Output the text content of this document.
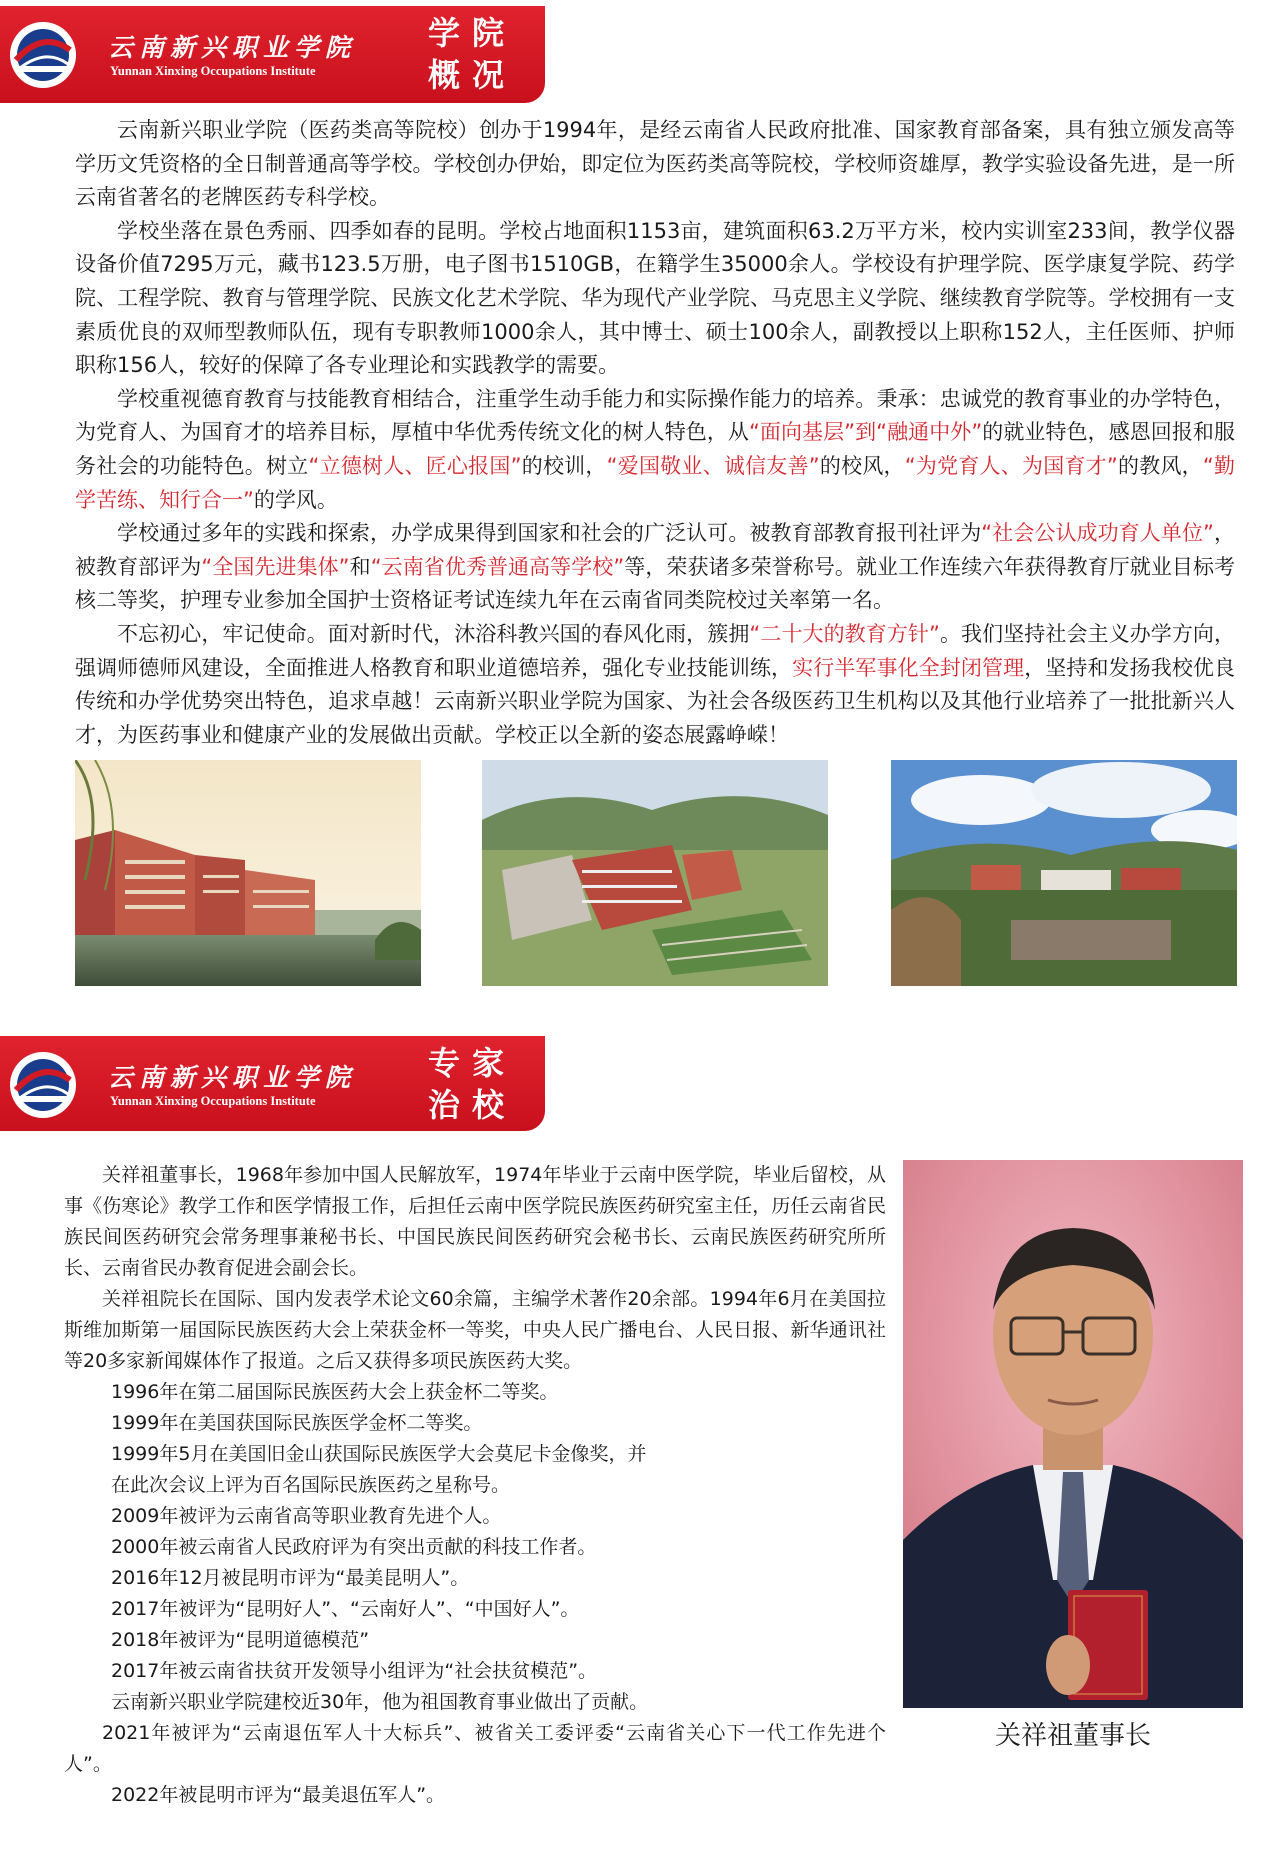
云南新兴职业学院
Yunnan Xinxing Occupations Institute
学院
概况

云南新兴职业学院（医药类高等院校）创办于1994年，是经云南省人民政府批准、国家教育部备案，具有独立颁发高等学历文凭资格的全日制普通高等学校。学校创办伊始，即定位为医药类高等院校，学校师资雄厚，教学实验设备先进，是一所云南省著名的老牌医药专科学校。

学校坐落在景色秀丽、四季如春的昆明。学校占地面积1153亩，建筑面积63.2万平方米，校内实训室233间，教学仪器设备价值7295万元，藏书123.5万册，电子图书1510GB，在籍学生35000余人。学校设有护理学院、医学康复学院、药学院、工程学院、教育与管理学院、民族文化艺术学院、华为现代产业学院、马克思主义学院、继续教育学院等。学校拥有一支素质优良的双师型教师队伍，现有专职教师1000余人，其中博士、硕士100余人，副教授以上职称152人，主任医师、护师职称156人，较好的保障了各专业理论和实践教学的需要。

学校重视德育教育与技能教育相结合，注重学生动手能力和实际操作能力的培养。秉承：忠诚党的教育事业的办学特色，为党育人、为国育才的培养目标，厚植中华优秀传统文化的树人特色，从“面向基层”到“融通中外”的就业特色，感恩回报和服务社会的功能特色。树立“立德树人、匠心报国”的校训，“爱国敬业、诚信友善”的校风，“为党育人、为国育才”的教风，“勤学苦练、知行合一”的学风。

学校通过多年的实践和探索，办学成果得到国家和社会的广泛认可。被教育部教育报刊社评为“社会公认成功育人单位”，被教育部评为“全国先进集体”和“云南省优秀普通高等学校”等，荣获诸多荣誉称号。就业工作连续六年获得教育厅就业目标考核二等奖，护理专业参加全国护士资格证考试连续九年在云南省同类院校过关率第一名。

不忘初心，牢记使命。面对新时代，沐浴科教兴国的春风化雨，簇拥“二十大的教育方针”。我们坚持社会主义办学方向，强调师德师风建设，全面推进人格教育和职业道德培养，强化专业技能训练，实行半军事化全封闭管理，坚持和发扬我校优良传统和办学优势突出特色，追求卓越！云南新兴职业学院为国家、为社会各级医药卫生机构以及其他行业培养了一批批新兴人才，为医药事业和健康产业的发展做出贡献。学校正以全新的姿态展露峥嵘！

云南新兴职业学院
Yunnan Xinxing Occupations Institute
专家
治校

关祥祖董事长，1968年参加中国人民解放军，1974年毕业于云南中医学院，毕业后留校，从事《伤寒论》教学工作和医学情报工作，后担任云南中医学院民族医药研究室主任，历任云南省民族民间医药研究会常务理事兼秘书长、中国民族民间医药研究会秘书长、云南民族医药研究所所长、云南省民办教育促进会副会长。

关祥祖院长在国际、国内发表学术论文60余篇，主编学术著作20余部。1994年6月在美国拉斯维加斯第一届国际民族医药大会上荣获金杯一等奖，中央人民广播电台、人民日报、新华通讯社等20多家新闻媒体作了报道。之后又获得多项民族医药大奖。

1996年在第二届国际民族医药大会上获金杯二等奖。

1999年在美国获国际民族医学金杯二等奖。

1999年5月在美国旧金山获国际民族医学大会莫尼卡金像奖，并

在此次会议上评为百名国际民族医药之星称号。

2009年被评为云南省高等职业教育先进个人。

2000年被云南省人民政府评为有突出贡献的科技工作者。

2016年12月被昆明市评为“最美昆明人”。

2017年被评为“昆明好人”、“云南好人”、“中国好人”。

2018年被评为“昆明道德模范”

2017年被云南省扶贫开发领导小组评为“社会扶贫模范”。

云南新兴职业学院建校近30年，他为祖国教育事业做出了贡献。

2021年被评为“云南退伍军人十大标兵”、被省关工委评委“云南省关心下一代工作先进个人”。

2022年被昆明市评为“最美退伍军人”。

关祥祖董事长
